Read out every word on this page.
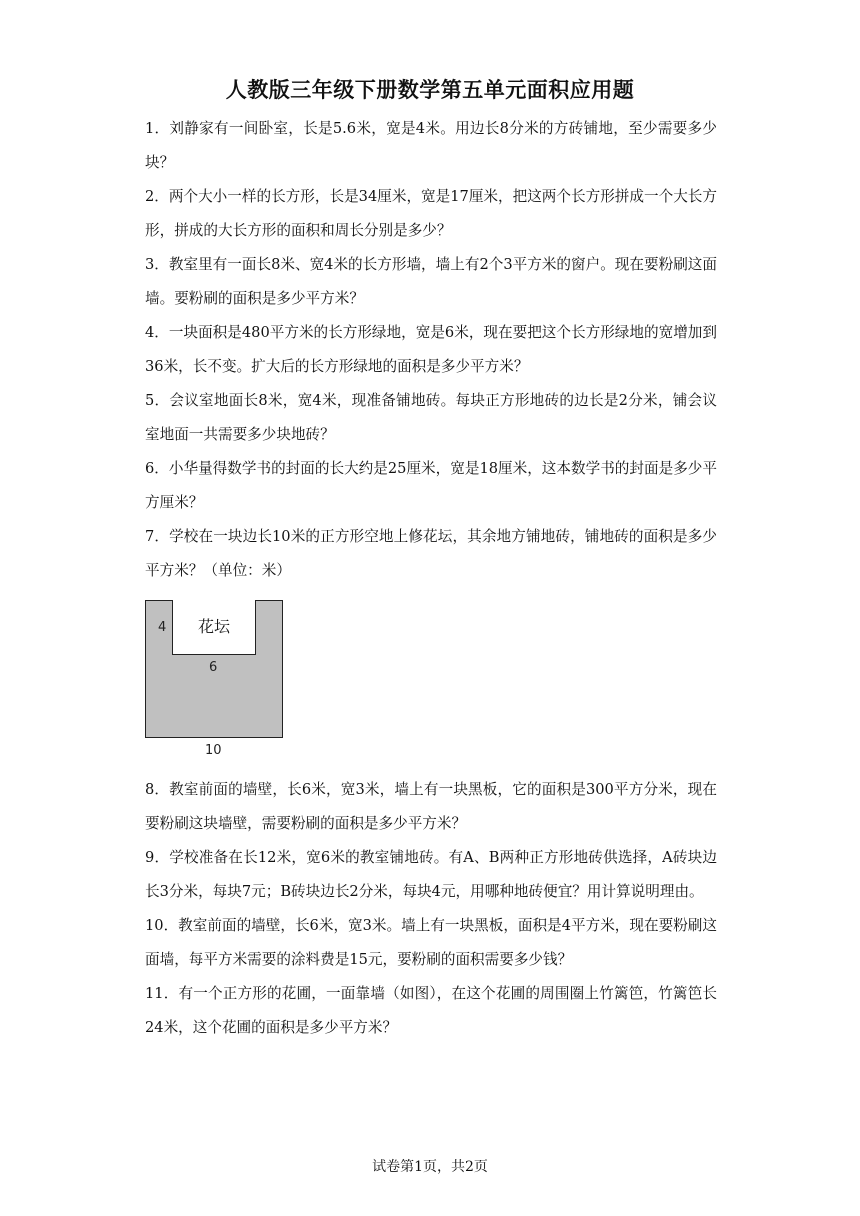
人教版三年级下册数学第五单元面积应用题

1．刘静家有一间卧室，长是5.6米，宽是4米。用边长8分米的方砖铺地，至少需要多少块？

2．两个大小一样的长方形，长是34厘米，宽是17厘米，把这两个长方形拼成一个大长方形，拼成的大长方形的面积和周长分别是多少？

3．教室里有一面长8米、宽4米的长方形墙，墙上有2个3平方米的窗户。现在要粉刷这面墙。要粉刷的面积是多少平方米？

4．一块面积是480平方米的长方形绿地，宽是6米，现在要把这个长方形绿地的宽增加到36米，长不变。扩大后的长方形绿地的面积是多少平方米？

5．会议室地面长8米，宽4米，现准备铺地砖。每块正方形地砖的边长是2分米，铺会议室地面一共需要多少块地砖？

6．小华量得数学书的封面的长大约是25厘米，宽是18厘米，这本数学书的封面是多少平方厘米？

7．学校在一块边长10米的正方形空地上修花坛，其余地方铺地砖，铺地砖的面积是多少平方米？（单位：米）

花坛
4
6
10

8．教室前面的墙壁，长6米，宽3米，墙上有一块黑板，它的面积是300平方分米，现在要粉刷这块墙壁，需要粉刷的面积是多少平方米？

9．学校准备在长12米，宽6米的教室铺地砖。有A、B两种正方形地砖供选择，A砖块边长3分米，每块7元；B砖块边长2分米，每块4元，用哪种地砖便宜？用计算说明理由。

10．教室前面的墙壁，长6米，宽3米。墙上有一块黑板，面积是4平方米，现在要粉刷这面墙，每平方米需要的涂料费是15元，要粉刷的面积需要多少钱？

11．有一个正方形的花圃，一面靠墙（如图），在这个花圃的周围圈上竹篱笆，竹篱笆长24米，这个花圃的面积是多少平方米？

试卷第1页，共2页
